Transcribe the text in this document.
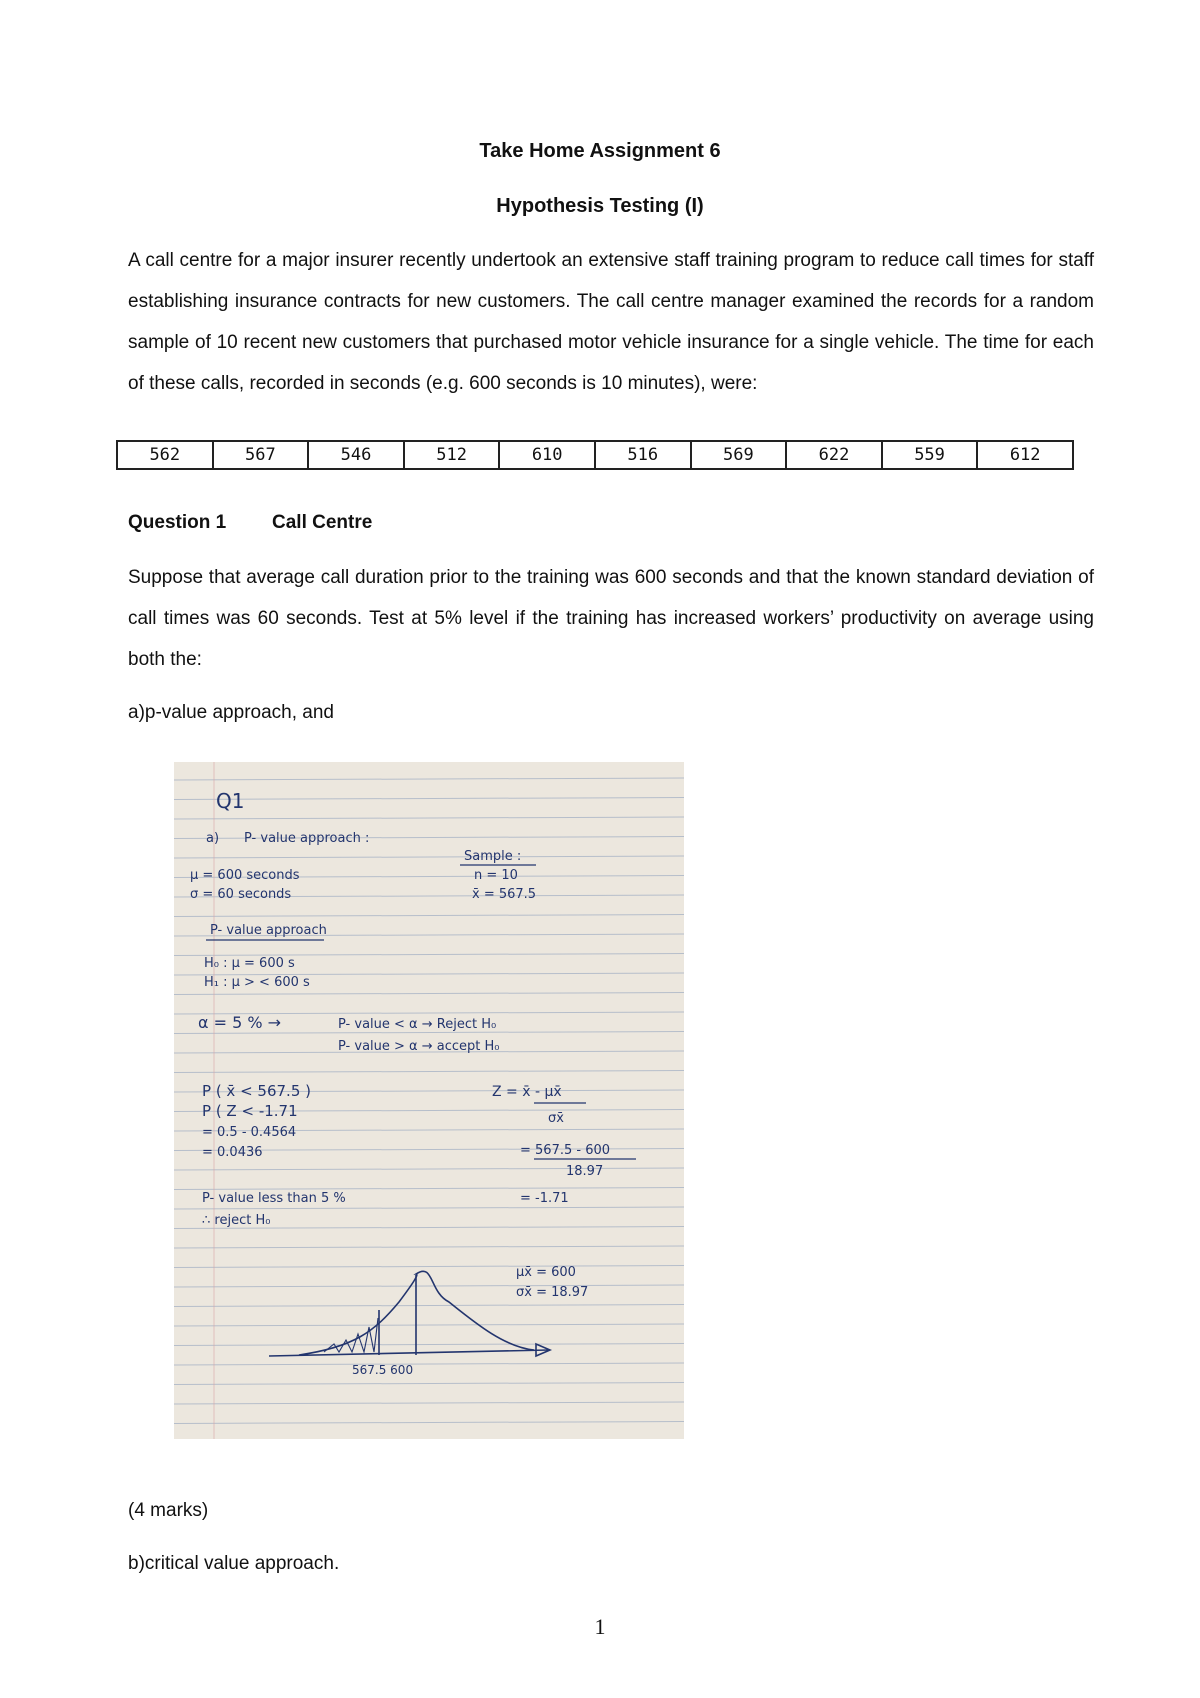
Take Home Assignment 6
Hypothesis Testing (I)
A call centre for a major insurer recently undertook an extensive staff training program to reduce call times for staff establishing insurance contracts for new customers. The call centre manager examined the records for a random sample of 10 recent new customers that purchased motor vehicle insurance for a single vehicle. The time for each of these calls, recorded in seconds (e.g. 600 seconds is 10 minutes), were:
562	567	546	512	610	516	569	622	559	612
Question 1 Call Centre
Suppose that average call duration prior to the training was 600 seconds and that the known standard deviation of call times was 60 seconds. Test at 5% level if the training has increased workers’ productivity on average using both the:
a)p-value approach, and
Q1
a) P- value approach :
Sample :
μ = 600 seconds	n = 10
σ = 60 seconds	x̄ = 567.5
P- value approach
H₀ : μ = 600 s
H₁ : μ > < 600 s
α = 5 % →	P- value < α → Reject H₀
P- value > α → accept H₀
P ( x̄ < 567.5 )
P ( Z < -1.71
= 0.5 - 0.4564
= 0.0436
Z = x̄ - μx̄
σx̄
= 567.5 - 600
18.97
= -1.71
P- value less than 5 %
∴ reject H₀
μx̄ = 600
σx̄ = 18.97
567.5 600
(4 marks)
b)critical value approach.
1
